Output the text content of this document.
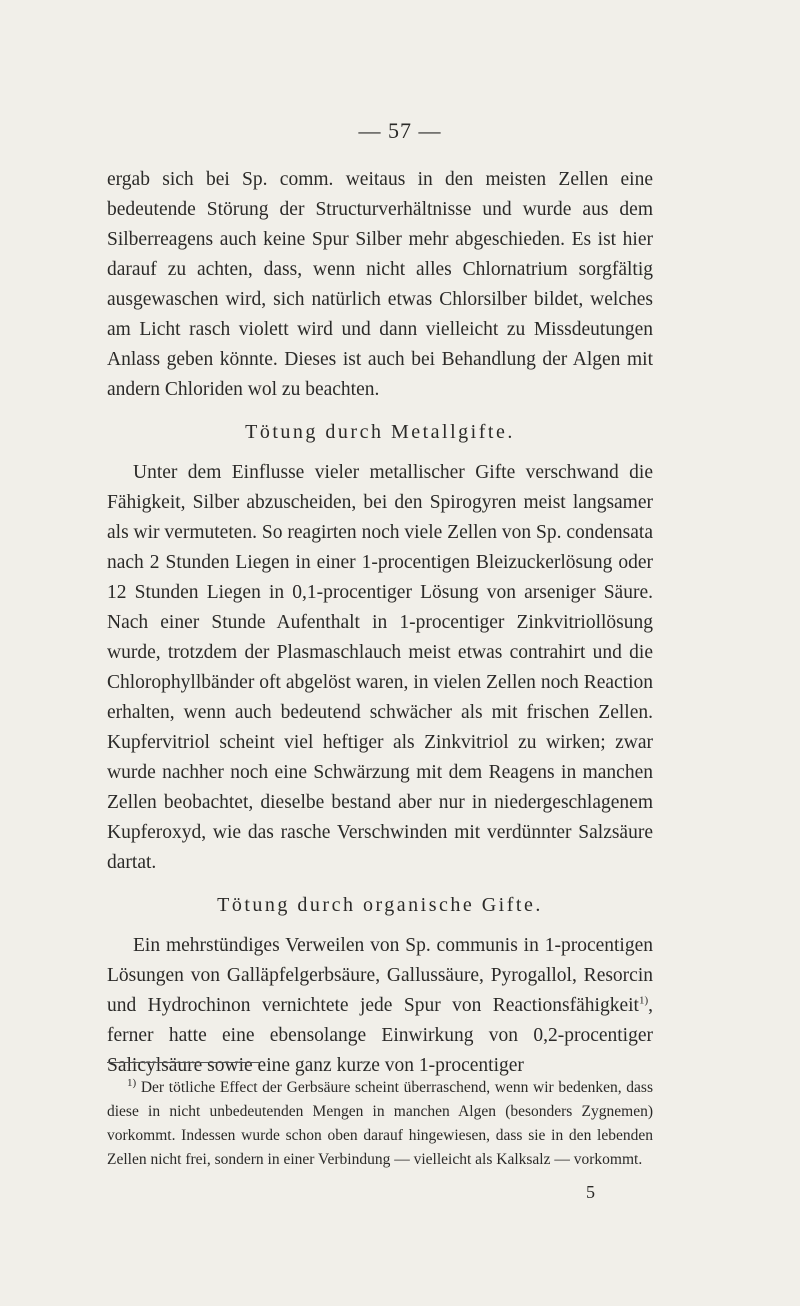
— 57 —

ergab sich bei Sp. comm. weitaus in den meisten Zellen eine bedeutende Störung der Structurverhältnisse und wurde aus dem Silberreagens auch keine Spur Silber mehr abgeschieden. Es ist hier darauf zu achten, dass, wenn nicht alles Chlornatrium sorgfältig ausgewaschen wird, sich natürlich etwas Chlorsilber bildet, welches am Licht rasch violett wird und dann vielleicht zu Missdeutungen Anlass geben könnte. Dieses ist auch bei Behandlung der Algen mit andern Chloriden wol zu beachten.

Tötung durch Metallgifte.

Unter dem Einflusse vieler metallischer Gifte verschwand die Fähigkeit, Silber abzuscheiden, bei den Spirogyren meist langsamer als wir vermuteten. So reagirten noch viele Zellen von Sp. condensata nach 2 Stunden Liegen in einer 1-procentigen Bleizuckerlösung oder 12 Stunden Liegen in 0,1-procentiger Lösung von arseniger Säure. Nach einer Stunde Aufenthalt in 1-procentiger Zinkvitriollösung wurde, trotzdem der Plasmaschlauch meist etwas contrahirt und die Chlorophyllbänder oft abgelöst waren, in vielen Zellen noch Reaction erhalten, wenn auch bedeutend schwächer als mit frischen Zellen. Kupfervitriol scheint viel heftiger als Zinkvitriol zu wirken; zwar wurde nachher noch eine Schwärzung mit dem Reagens in manchen Zellen beobachtet, dieselbe bestand aber nur in niedergeschlagenem Kupferoxyd, wie das rasche Verschwinden mit verdünnter Salzsäure dartat.

Tötung durch organische Gifte.

Ein mehrstündiges Verweilen von Sp. communis in 1-procentigen Lösungen von Galläpfelgerbsäure, Gallussäure, Pyrogallol, Resorcin und Hydrochinon vernichtete jede Spur von Reactionsfähigkeit$^{1)}$, ferner hatte eine ebensolange Einwirkung von 0,2-procentiger Salicylsäure sowie eine ganz kurze von 1-procentiger

$^{1)}$ Der tötliche Effect der Gerbsäure scheint überraschend, wenn wir bedenken, dass diese in nicht unbedeutenden Mengen in manchen Algen (besonders Zygnemen) vorkommt. Indessen wurde schon oben darauf hingewiesen, dass sie in den lebenden Zellen nicht frei, sondern in einer Verbindung — vielleicht als Kalksalz — vorkommt.

5
